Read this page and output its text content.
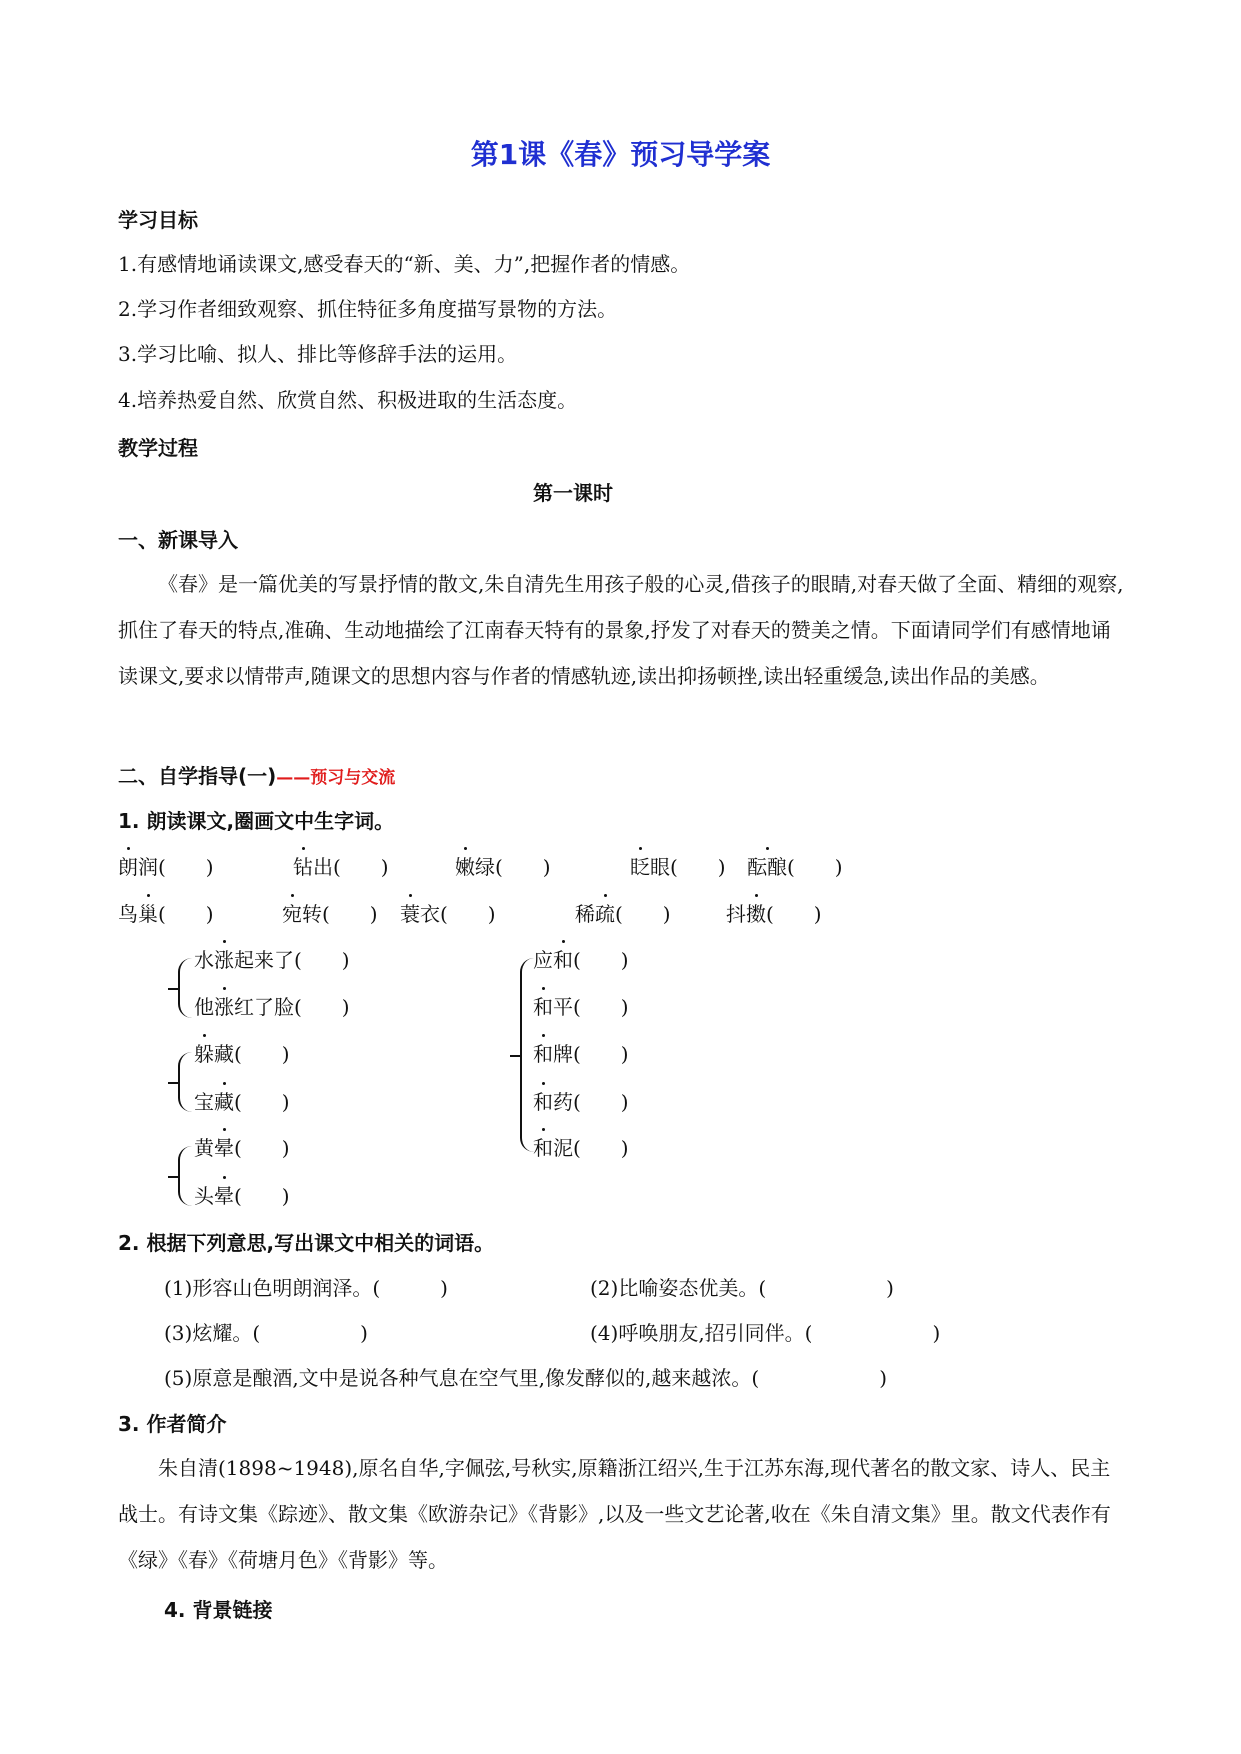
第1课《春》预习导学案
学习目标
1.有感情地诵读课文,感受春天的“新、美、力”,把握作者的情感。
2.学习作者细致观察、抓住特征多角度描写景物的方法。
3.学习比喻、拟人、排比等修辞手法的运用。
4.培养热爱自然、欣赏自然、积极进取的生活态度。
教学过程
第一课时
一、新课导入
《春》是一篇优美的写景抒情的散文,朱自清先生用孩子般的心灵,借孩子的眼睛,对春天做了全面、精细的观察,抓住了春天的特点,准确、生动地描绘了江南春天特有的景象,抒发了对春天的赞美之情。下面请同学们有感情地诵读课文,要求以情带声,随课文的思想内容与作者的情感轨迹,读出抑扬顿挫,读出轻重缓急,读出作品的美感。
二、自学指导(一)——预习与交流
1. 朗读课文,圈画文中生字词。
朗润(　　)	钻出(　　)	嫩绿(　　)	眨眼(　　) 酝酿(　　)
鸟巢(　　)	宛转(　　) 蓑衣(　　)	稀疏(　　)	抖擞(　　)
水涨起来了(　　)
他涨红了脸(　　)
躲藏(　　)
宝藏(　　)
黄晕(　　)
头晕(　　)
应和(　　)
和平(　　)
和牌(　　)
和药(　　)
和泥(　　)
2. 根据下列意思,写出课文中相关的词语。
(1)形容山色明朗润泽。(　　　)	(2)比喻姿态优美。(　　　　　　)
(3)炫耀。(　　　　　)	(4)呼唤朋友,招引同伴。(　　　　　　)
(5)原意是酿酒,文中是说各种气息在空气里,像发酵似的,越来越浓。(　　　　　　)
3. 作者简介
朱自清(1898~1948),原名自华,字佩弦,号秋实,原籍浙江绍兴,生于江苏东海,现代著名的散文家、诗人、民主战士。有诗文集《踪迹》、散文集《欧游杂记》《背影》,以及一些文艺论著,收在《朱自清文集》里。散文代表作有《绿》《春》《荷塘月色》《背影》等。
4. 背景链接
